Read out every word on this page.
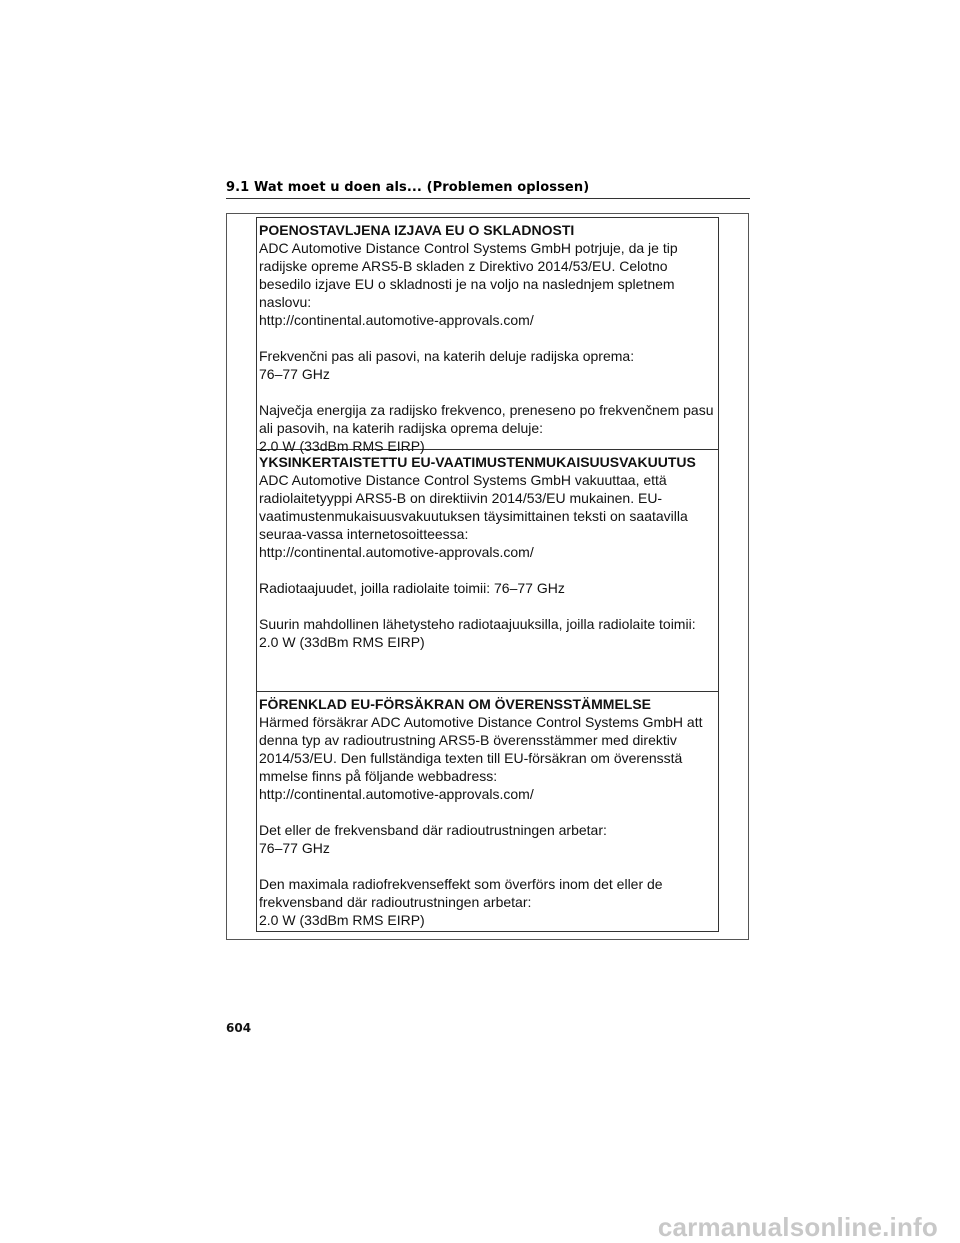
9.1 Wat moet u doen als... (Problemen oplossen)

POENOSTAVLJENA IZJAVA EU O SKLADNOSTI

ADC Automotive Distance Control Systems GmbH potrjuje, da je tip
radijske opreme ARS5-B skladen z Direktivo 2014/53/EU. Celotno
besedilo izjave EU o skladnosti je na voljo na naslednjem spletnem
naslovu:
http://continental.automotive-approvals.com/

Frekvenčni pas ali pasovi, na katerih deluje radijska oprema:
76–77 GHz

Največja energija za radijsko frekvenco, preneseno po frekvenčnem pasu
ali pasovih, na katerih radijska oprema deluje:
2.0 W (33dBm RMS EIRP)

YKSINKERTAISTETTU EU-VAATIMUSTENMUKAISUUSVAKUUTUS

ADC Automotive Distance Control Systems GmbH vakuuttaa, että
radiolaitetyyppi ARS5-B on direktiivin 2014/53/EU mukainen. EU-
vaatimustenmukaisuusvakuutuksen täysimittainen teksti on saatavilla
seuraa-vassa internetosoitteessa:
http://continental.automotive-approvals.com/

Radiotaajuudet, joilla radiolaite toimii: 76–77 GHz

Suurin mahdollinen lähetysteho radiotaajuuksilla, joilla radiolaite toimii:
2.0 W (33dBm RMS EIRP)

FÖRENKLAD EU-FÖRSÄKRAN OM ÖVERENSSTÄMMELSE

Härmed försäkrar ADC Automotive Distance Control Systems GmbH att
denna typ av radioutrustning ARS5-B överensstämmer med direktiv
2014/53/EU. Den fullständiga texten till EU-försäkran om överensstä
mmelse finns på följande webbadress:
http://continental.automotive-approvals.com/

Det eller de frekvensband där radioutrustningen arbetar:
76–77 GHz

Den maximala radiofrekvenseffekt som överförs inom det eller de
frekvensband där radioutrustningen arbetar:
2.0 W (33dBm RMS EIRP)

604
carmanualsonline.info
